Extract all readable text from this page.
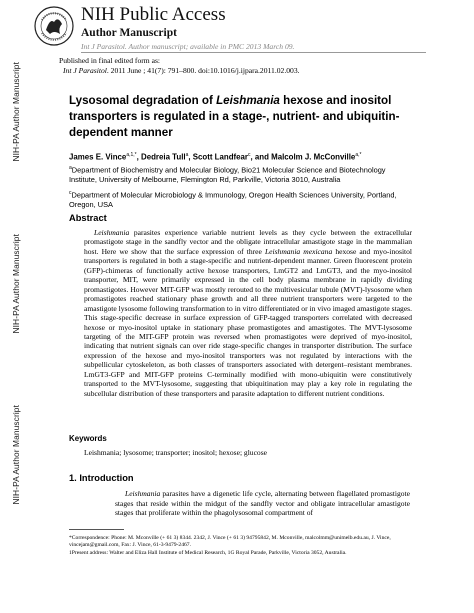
NIH-PA Author Manuscript
NIH-PA Author Manuscript
NIH-PA Author Manuscript
NIH Public Access
Author Manuscript
Int J Parasitol. Author manuscript; available in PMC 2013 March 09.
Published in final edited form as:
Int J Parasitol. 2011 June ; 41(7): 791–800. doi:10.1016/j.ijpara.2011.02.003.
Lysosomal degradation of Leishmania hexose and inositol transporters is regulated in a stage-, nutrient- and ubiquitin-dependent manner
James E. Vince$^{a,1,*}$, Dedreia Tull$^a$, Scott Landfear$^c$, and Malcolm J. McConville$^{a,*}$
$^a$Department of Biochemistry and Molecular Biology, Bio21 Molecular Science and Biotechnology Institute, University of Melbourne, Flemington Rd, Parkville, Victoria 3010, Australia
$^c$Department of Molecular Microbiology & Immunology, Oregon Health Sciences University, Portland, Oregon, USA
Abstract
Leishmania parasites experience variable nutrient levels as they cycle between the extracellular promastigote stage in the sandfly vector and the obligate intracellular amastigote stage in the mammalian host. Here we show that the surface expression of three Leishmania mexicana hexose and myo-inositol transporters is regulated in both a stage-specific and nutrient-dependent manner. Green fluorescent protein (GFP)-chimeras of functionally active hexose transporters, LmGT2 and LmGT3, and the myo-inositol transporter, MIT, were primarily expressed in the cell body plasma membrane in rapidly dividing promastigotes. However MIT-GFP was mostly rerouted to the multivesicular tubule (MVT)-lysosome when promastigotes reached stationary phase growth and all three nutrient transporters were targeted to the amastigote lysosome following transformation to in vitro differentiated or in vivo imaged amastigote stages. This stage-specific decrease in surface expression of GFP-tagged transporters correlated with decreased hexose or myo-inositol uptake in stationary phase promastigotes and amastigotes. The MVT-lysosome targeting of the MIT-GFP protein was reversed when promastigotes were deprived of myo-inositol, indicating that nutrient signals can over ride stage-specific changes in transporter distribution. The surface expression of the hexose and myo-inositol transporters was not regulated by interactions with the subpellicular cytoskeleton, as both classes of transporters associated with detergent–resistant membranes. LmGT3-GFP and MIT-GFP proteins C-terminally modified with mono-ubiquitin were constitutively transported to the MVT-lysosome, suggesting that ubiquitination may play a key role in regulating the subcellular distribution of these transporters and parasite adaptation to different nutrient conditions.
Keywords
Leishmania; lysosome; transporter; inositol; hexose; glucose
1. Introduction
Leishmania parasites have a digenetic life cycle, alternating between flagellated promastigote stages that reside within the midgut of the sandfly vector and obligate intracellular amastigote stages that proliferate within the phagolysosomal compartment of

*Correspondence: Phone: M. Mconville (+ 61 3) 8344. 2342, J. Vince (+ 61 3) 94795842, M. Mconville, malcolmm@unimelb.edu.au, J. Vince, vincejam@gmail.com, Fax: J. Vince, 61-3-9479-2467.

1Present address: Walter and Eliza Hall Institute of Medical Research, 1G Royal Parade, Parkville, Victoria 3052, Australia.
